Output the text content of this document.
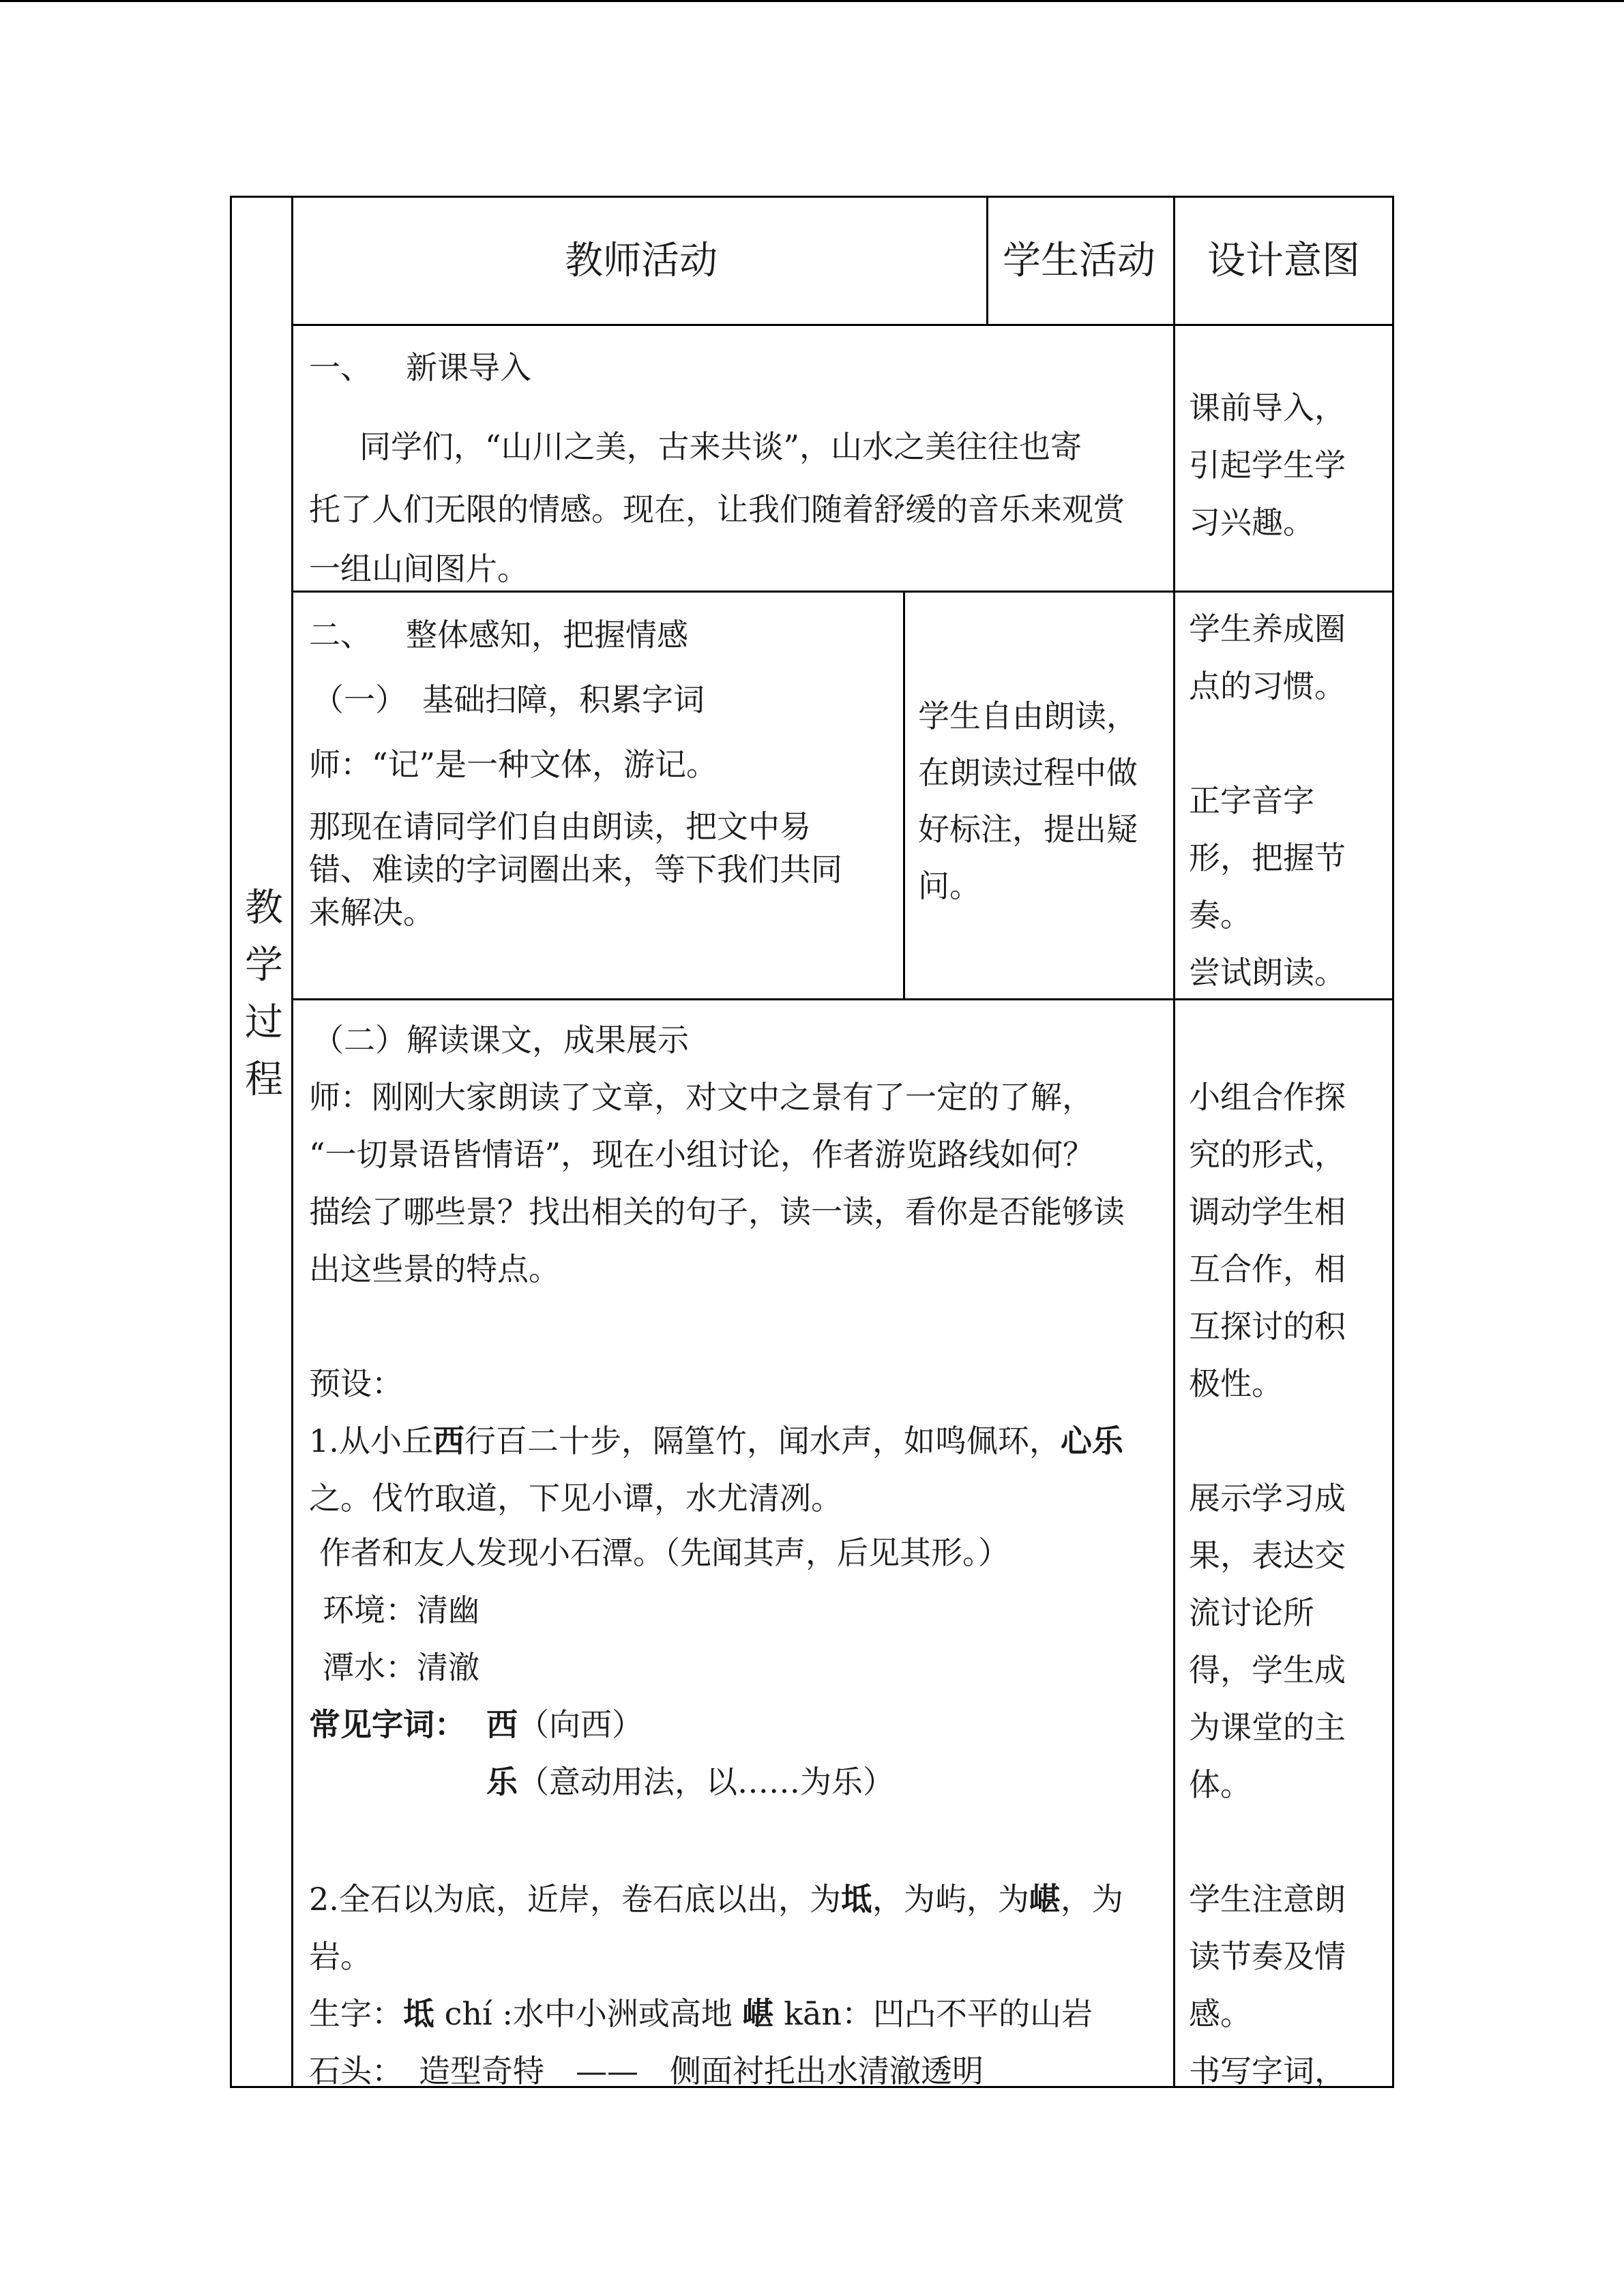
教
学
过
程
教师活动	学生活动 设计意图
一、 新课导入
同学们，“山川之美，古来共谈”，山水之美往往也寄
托了人们无限的情感。现在，让我们随着舒缓的音乐来观赏
一组山间图片。
课前导入，
引起学生学
习兴趣。
二、 整体感知，把握情感
（一）　基础扫障，积累字词
师：“记”是一种文体，游记。
那现在请同学们自由朗读，把文中易
错、难读的字词圈出来，等下我们共同
来解决。
学生自由朗读，
在朗读过程中做
好标注，提出疑
问。
学生养成圈
点的习惯。
正字音字
形，把握节
奏。
尝试朗读。
（二）解读课文，成果展示
师：刚刚大家朗读了文章，对文中之景有了一定的了解，
“一切景语皆情语”，现在小组讨论，作者游览路线如何？
描绘了哪些景？找出相关的句子，读一读，看你是否能够读
出这些景的特点。
预设：
1.从小丘西行百二十步，隔篁竹，闻水声，如鸣佩环，心乐
之。伐竹取道，下见小谭，水尤清冽。
作者和友人发现小石潭。（先闻其声，后见其形。）
环境：清幽
潭水：清澈
常见字词： 西（向西）
乐（意动用法，以……为乐）
2.全石以为底，近岸，卷石底以出，为坻，为屿，为嵁，为
岩。
生字：坻 chí :水中小洲或高地 嵁 kān：凹凸不平的山岩
石头：　造型奇特　——　侧面衬托出水清澈透明
小组合作探
究的形式，
调动学生相
互合作，相
互探讨的积
极性。
展示学习成
果，表达交
流讨论所
得，学生成
为课堂的主
体。
学生注意朗
读节奏及情
感。
书写字词，
